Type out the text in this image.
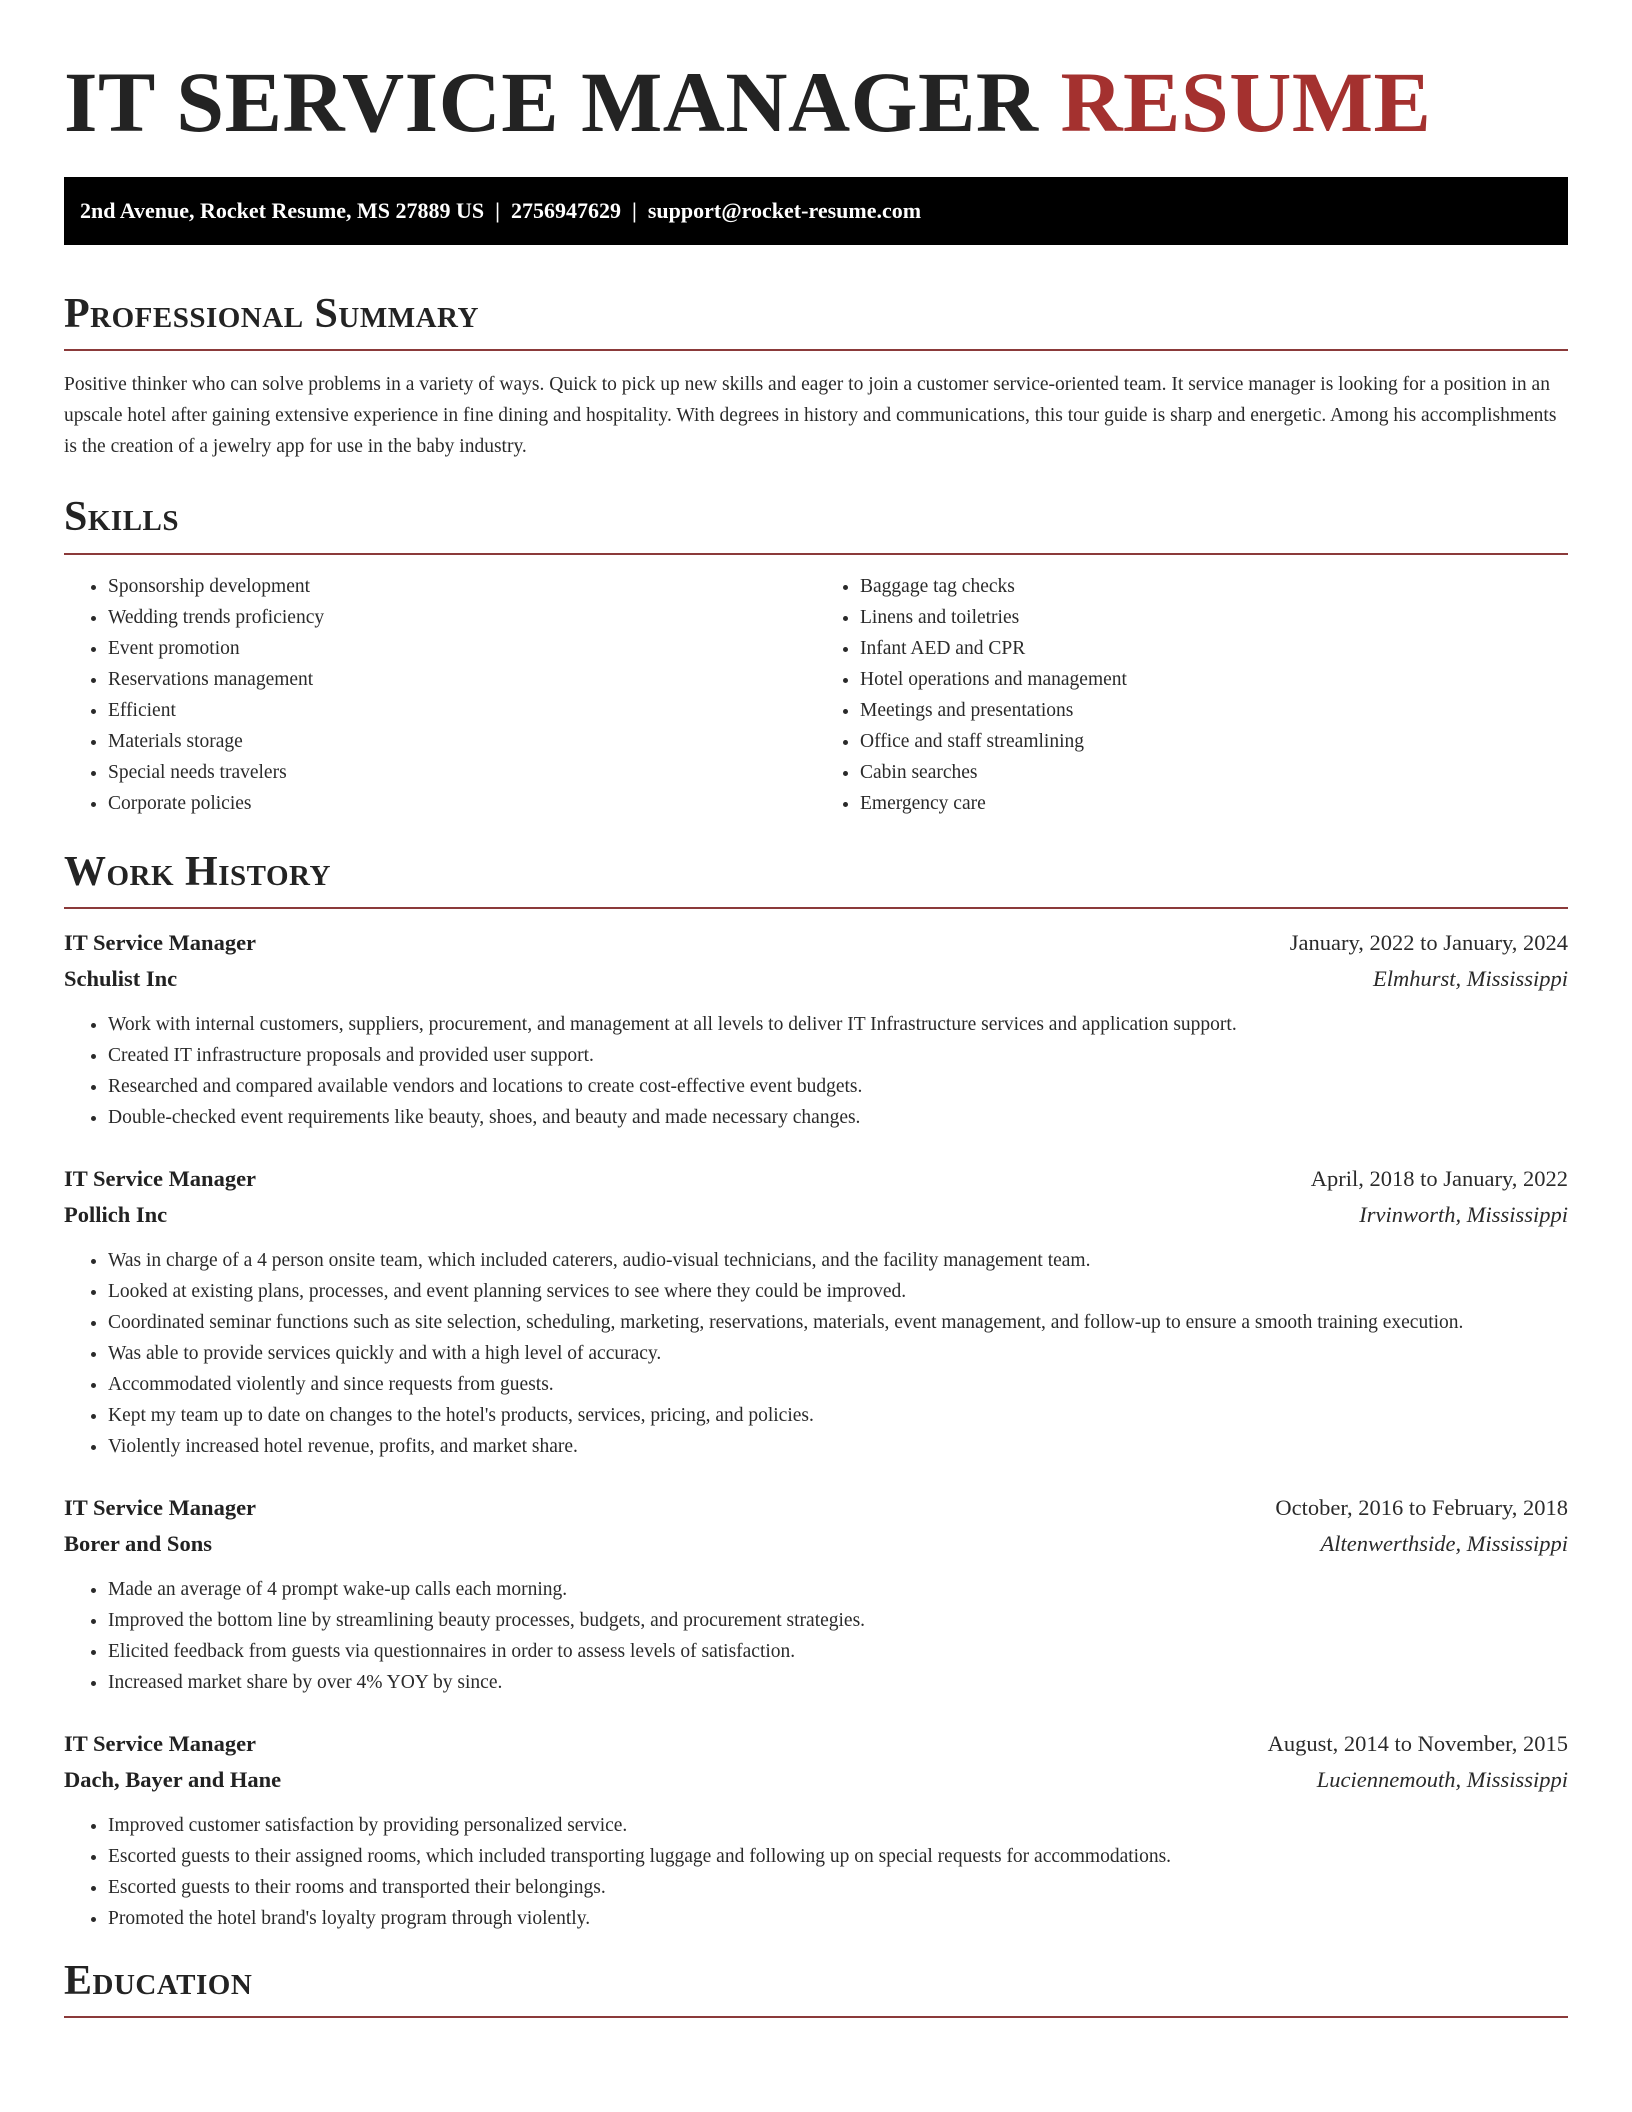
IT SERVICE MANAGER RESUME
2nd Avenue, Rocket Resume, MS 27889 US  |  2756947629  |  support@rocket-resume.com
Professional Summary

Positive thinker who can solve problems in a variety of ways. Quick to pick up new skills and eager to join a customer service-oriented team. It service manager is looking for a position in an upscale hotel after gaining extensive experience in fine dining and hospitality. With degrees in history and communications, this tour guide is sharp and energetic. Among his accomplishments is the creation of a jewelry app for use in the baby industry.

Skills
• Sponsorship development
• Wedding trends proficiency
• Event promotion
• Reservations management
• Efficient
• Materials storage
• Special needs travelers
• Corporate policies
• Baggage tag checks
• Linens and toiletries
• Infant AED and CPR
• Hotel operations and management
• Meetings and presentations
• Office and staff streamlining
• Cabin searches
• Emergency care
Work History
IT Service Manager	January, 2022 to January, 2024
Schulist Inc	Elmhurst, Mississippi
• Work with internal customers, suppliers, procurement, and management at all levels to deliver IT Infrastructure services and application support.
• Created IT infrastructure proposals and provided user support.
• Researched and compared available vendors and locations to create cost-effective event budgets.
• Double-checked event requirements like beauty, shoes, and beauty and made necessary changes.
IT Service Manager	April, 2018 to January, 2022
Pollich Inc	Irvinworth, Mississippi
• Was in charge of a 4 person onsite team, which included caterers, audio-visual technicians, and the facility management team.
• Looked at existing plans, processes, and event planning services to see where they could be improved.
• Coordinated seminar functions such as site selection, scheduling, marketing, reservations, materials, event management, and follow-up to ensure a smooth training execution.
• Was able to provide services quickly and with a high level of accuracy.
• Accommodated violently and since requests from guests.
• Kept my team up to date on changes to the hotel's products, services, pricing, and policies.
• Violently increased hotel revenue, profits, and market share.
IT Service Manager	October, 2016 to February, 2018
Borer and Sons	Altenwerthside, Mississippi
• Made an average of 4 prompt wake-up calls each morning.
• Improved the bottom line by streamlining beauty processes, budgets, and procurement strategies.
• Elicited feedback from guests via questionnaires in order to assess levels of satisfaction.
• Increased market share by over 4% YOY by since.
IT Service Manager	August, 2014 to November, 2015
Dach, Bayer and Hane	Luciennemouth, Mississippi
• Improved customer satisfaction by providing personalized service.
• Escorted guests to their assigned rooms, which included transporting luggage and following up on special requests for accommodations.
• Escorted guests to their rooms and transported their belongings.
• Promoted the hotel brand's loyalty program through violently.
Education
